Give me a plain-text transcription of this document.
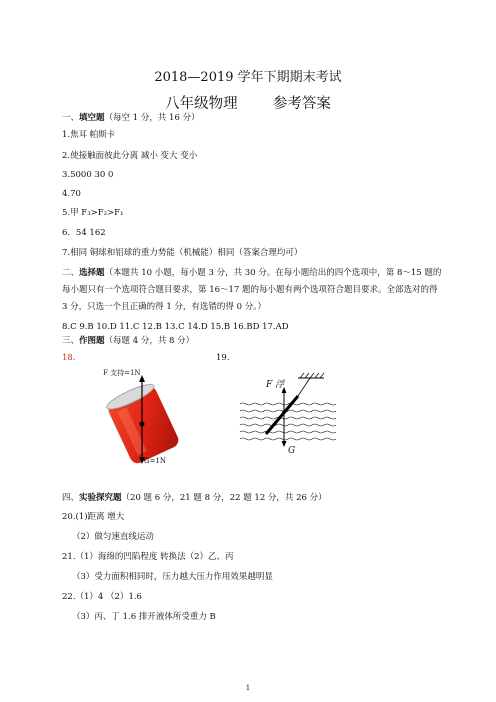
2018—2019 学年下期期末考试
八年级物理 参考答案
一、填空题（每空 1 分，共 16 分）
1.焦耳 帕斯卡
2.使接触面彼此分离 减小 变大 变小
3.5000 30 0
4.70
5.甲 F₃>F₂>F₁
6．54 162
7.相同 铜球和铝球的重力势能（机械能）相同（答案合理均可）
二、选择题（本题共 10 小题，每小题 3 分，共 30 分。在每小题给出的四个选项中，第 8～15 题的每小题只有一个选项符合题目要求，第 16～17 题的每小题有两个选项符合题目要求。全部选对的得 3 分，只选一个且正确的得 1 分，有选错的得 0 分。）
8.C 9.B 10.D 11.C 12.B 13.C 14.D 15.B 16.BD 17.AD
三、作图题（每题 4 分，共 8 分）
18.	19.
F 支持=1N
G=1N
F 浮
G
四、实验探究题（20 题 6 分，21 题 8 分，22 题 12 分，共 26 分）
20.(1)距离 增大
（2）做匀速直线运动
21.（1）海绵的凹陷程度 转换法（2）乙、丙
（3）受力面积相同时，压力越大压力作用效果越明显
22.（1）4 （2）1.6
（3）丙、丁 1.6 排开液体所受重力 B
1
